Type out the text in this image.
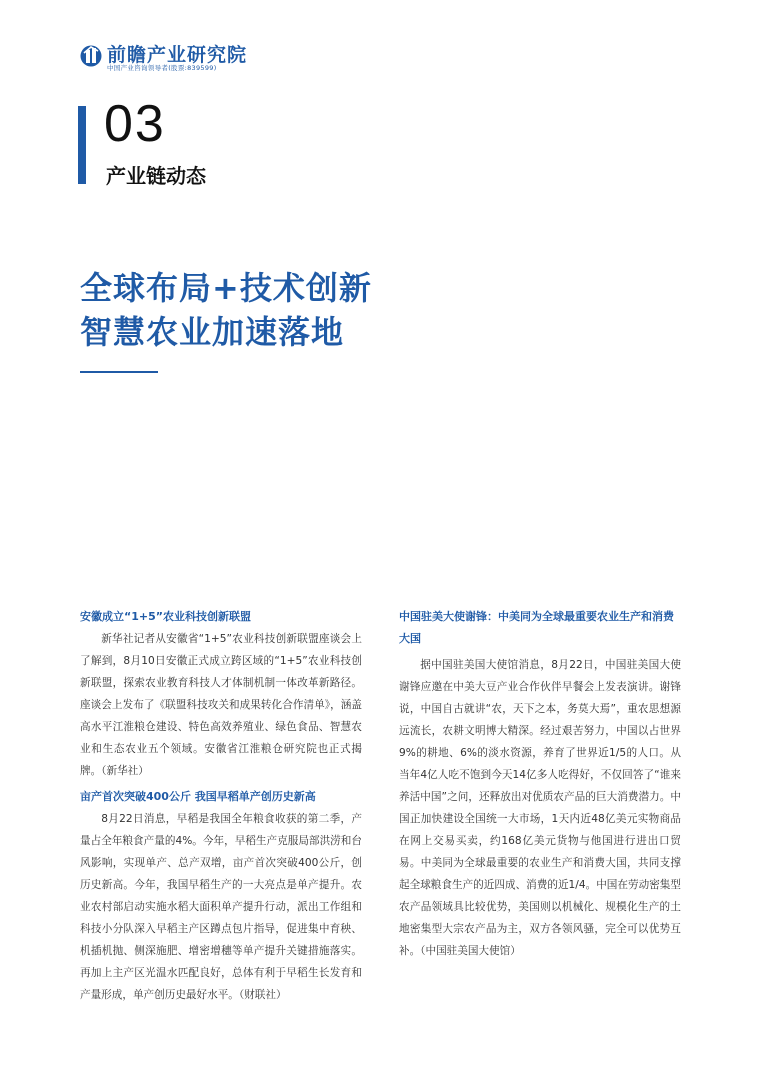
前瞻产业研究院
中国产业咨询领导者(股票:839599)
03
产业链动态
全球布局+技术创新
智慧农业加速落地

安徽成立“1+5”农业科技创新联盟

新华社记者从安徽省“1+5”农业科技创新联盟座谈会上了解到，8月10日安徽正式成立跨区域的“1+5”农业科技创新联盟，探索农业教育科技人才体制机制一体改革新路径。座谈会上发布了《联盟科技攻关和成果转化合作清单》，涵盖高水平江淮粮仓建设、特色高效养殖业、绿色食品、智慧农业和生态农业五个领域。安徽省江淮粮仓研究院也正式揭牌。（新华社）

亩产首次突破400公斤 我国早稻单产创历史新高

8月22日消息，早稻是我国全年粮食收获的第二季，产量占全年粮食产量的4%。今年，早稻生产克服局部洪涝和台风影响，实现单产、总产双增，亩产首次突破400公斤，创历史新高。今年，我国早稻生产的一大亮点是单产提升。农业农村部启动实施水稻大面积单产提升行动，派出工作组和科技小分队深入早稻主产区蹲点包片指导，促进集中育秧、机插机抛、侧深施肥、增密增穗等单产提升关键措施落实。再加上主产区光温水匹配良好，总体有利于早稻生长发育和产量形成，单产创历史最好水平。（财联社）

中国驻美大使谢锋：中美同为全球最重要农业生产和消费大国

据中国驻美国大使馆消息，8月22日，中国驻美国大使谢锋应邀在中美大豆产业合作伙伴早餐会上发表演讲。谢锋说，中国自古就讲“农，天下之本，务莫大焉”，重农思想源远流长，农耕文明博大精深。经过艰苦努力，中国以占世界9%的耕地、6%的淡水资源，养育了世界近1/5的人口。从当年4亿人吃不饱到今天14亿多人吃得好，不仅回答了“谁来养活中国”之问，还释放出对优质农产品的巨大消费潜力。中国正加快建设全国统一大市场，1天内近48亿美元实物商品在网上交易买卖，约168亿美元货物与他国进行进出口贸易。中美同为全球最重要的农业生产和消费大国，共同支撑起全球粮食生产的近四成、消费的近1/4。中国在劳动密集型农产品领域具比较优势，美国则以机械化、规模化生产的土地密集型大宗农产品为主，双方各领风骚，完全可以优势互补。（中国驻美国大使馆）
